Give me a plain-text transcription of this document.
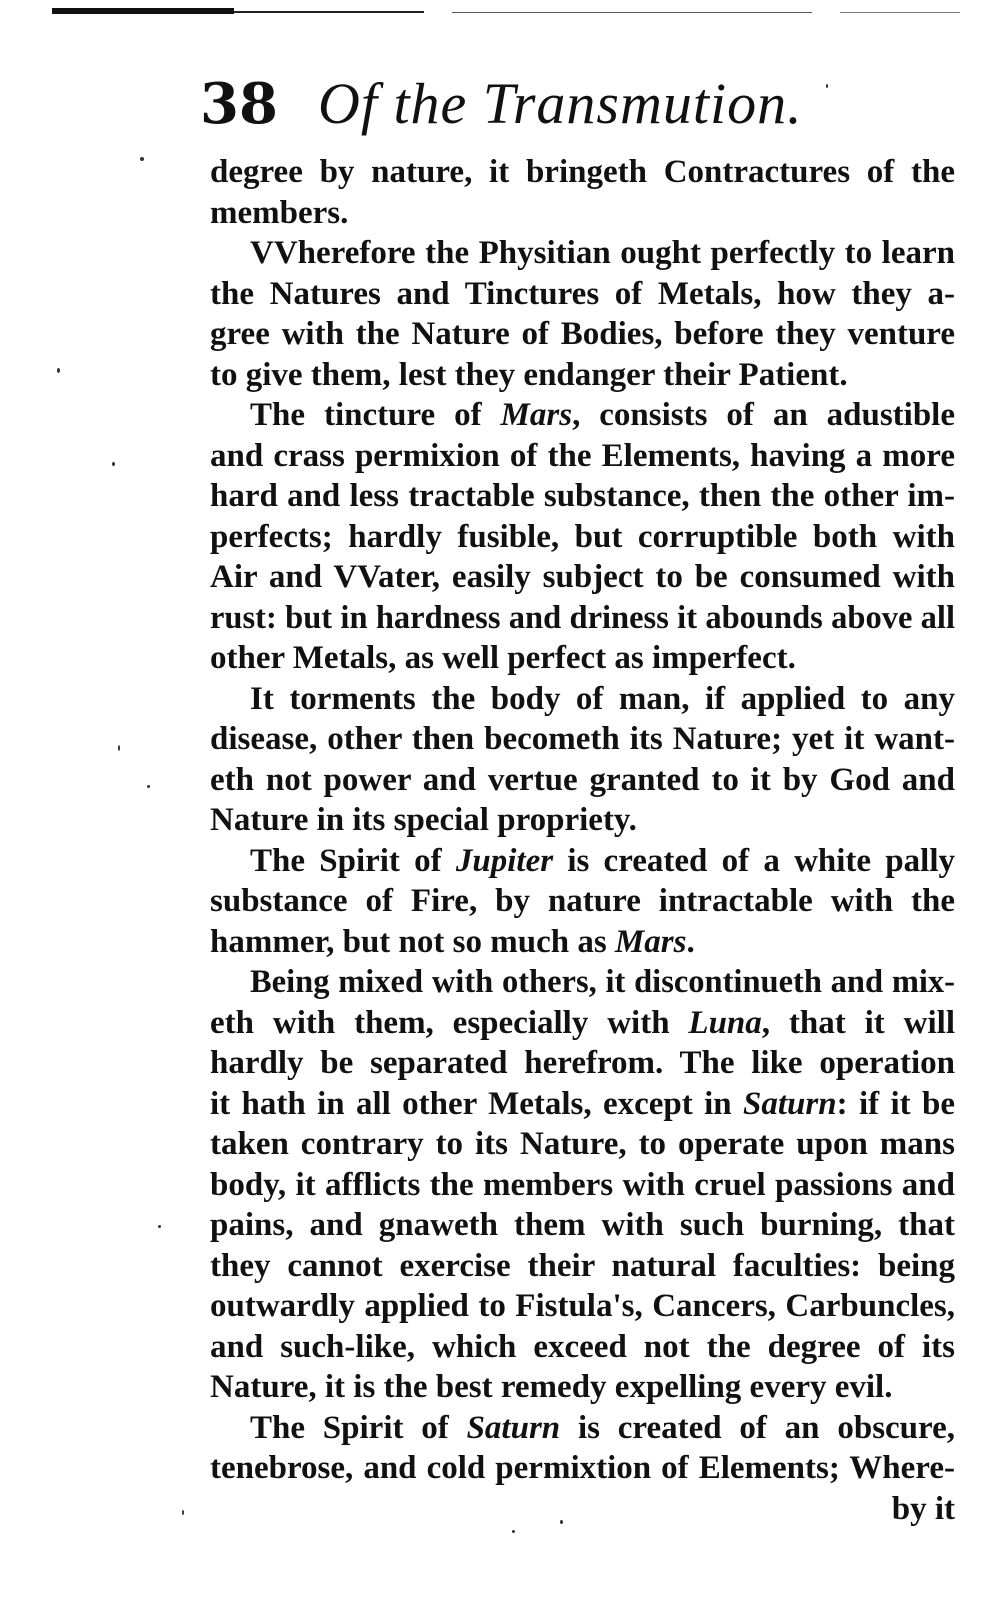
38 Of the Transmution.
degree by nature, it bringeth Contractures of the
members.
VVherefore the Physitian ought perfectly to learn
the Natures and Tinctures of Metals, how they a-
gree with the Nature of Bodies, before they venture
to give them, lest they endanger their Patient.
The tincture of Mars, consists of an adustible
and crass permixion of the Elements, having a more
hard and less tractable substance, then the other im-
perfects; hardly fusible, but corruptible both with
Air and VVater, easily subject to be consumed with
rust: but in hardness and driness it abounds above all
other Metals, as well perfect as imperfect.
It torments the body of man, if applied to any
disease, other then becometh its Nature; yet it want-
eth not power and vertue granted to it by God and
Nature in its special propriety.
The Spirit of Jupiter is created of a white pally
substance of Fire, by nature intractable with the
hammer, but not so much as Mars.
Being mixed with others, it discontinueth and mix-
eth with them, especially with Luna, that it will
hardly be separated herefrom. The like operation
it hath in all other Metals, except in Saturn: if it be
taken contrary to its Nature, to operate upon mans
body, it afflicts the members with cruel passions and
pains, and gnaweth them with such burning, that
they cannot exercise their natural faculties: being
outwardly applied to Fistula's, Cancers, Carbuncles,
and such-like, which exceed not the degree of its
Nature, it is the best remedy expelling every evil.
The Spirit of Saturn is created of an obscure,
tenebrose, and cold permixtion of Elements; Where-
by it
